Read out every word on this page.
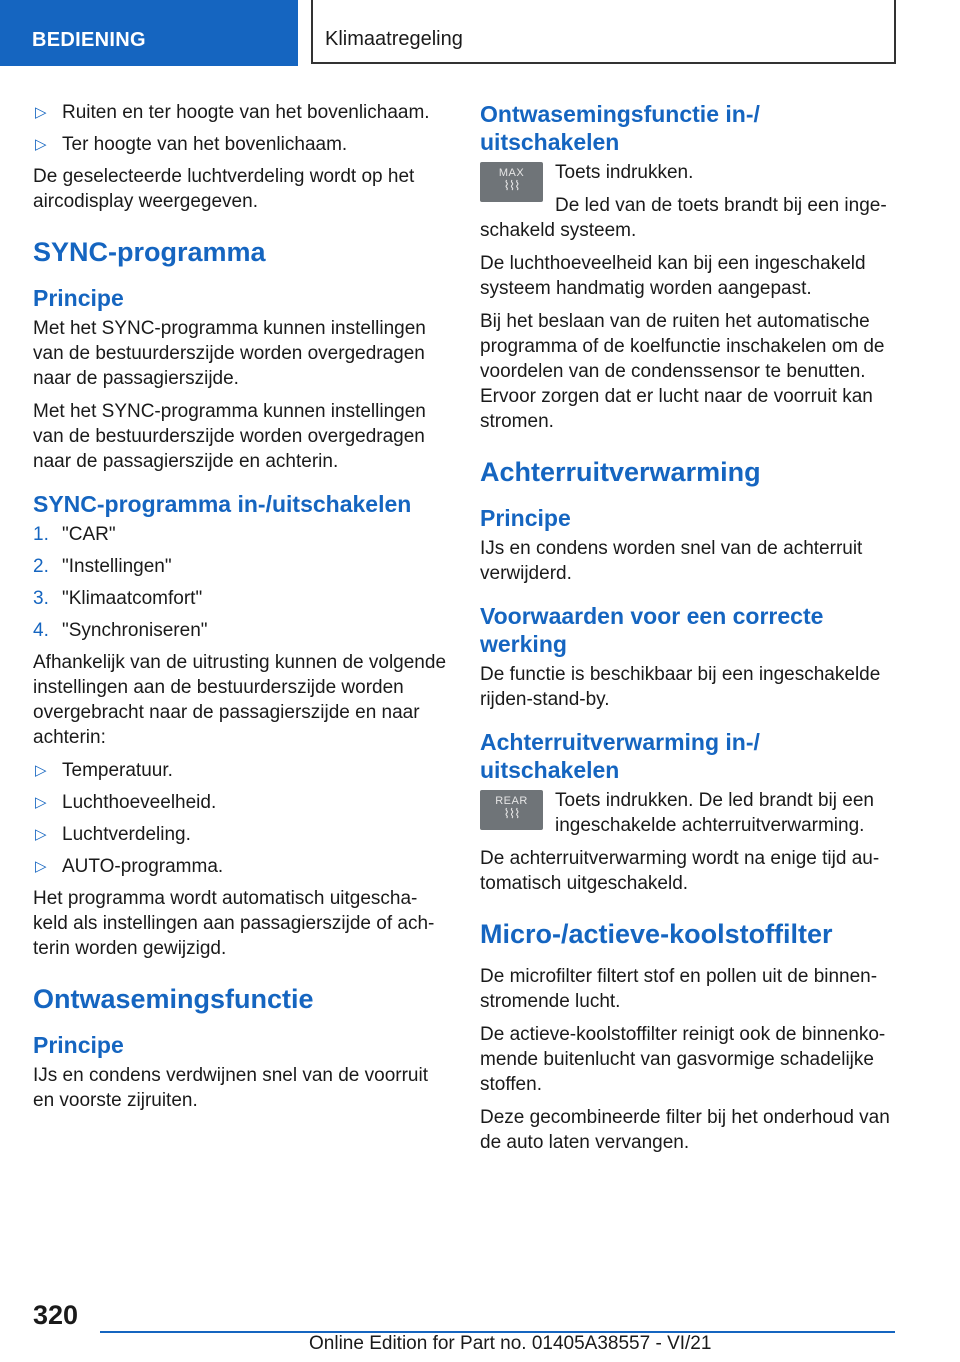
BEDIENING	Klimaatregeling
▷ Ruiten en ter hoogte van het bovenlichaam.
▷ Ter hoogte van het bovenlichaam.

De geselecteerde luchtverdeling wordt op het aircodisplay weergegeven.

SYNC-programma
Principe

Met het SYNC-programma kunnen instellingen van de bestuurderszijde worden overgedragen naar de passagierszijde.

Met het SYNC-programma kunnen instellingen van de bestuurderszijde worden overgedragen naar de passagierszijde en achterin.

SYNC-programma in-/uitschakelen
1. "CAR"
2. "Instellingen"
3. "Klimaatcomfort"
4. "Synchroniseren"

Afhankelijk van de uitrusting kunnen de volgende instellingen aan de bestuurderszijde worden overgebracht naar de passagierszijde en naar achterin:

▷ Temperatuur.
▷ Luchthoeveelheid.
▷ Luchtverdeling.
▷ AUTO-programma.

Het programma wordt automatisch uitgescha-keld als instellingen aan passagierszijde of ach-terin worden gewijzigd.

Ontwasemingsfunctie
Principe

IJs en condens verdwijnen snel van de voorruit en voorste zijruiten.

Ontwasemingsfunctie in-/ uitschakelen
MAX
⌇⌇⌇

Toets indrukken.

De led van de toets brandt bij een inge-schakeld systeem.

De luchthoeveelheid kan bij een ingeschakeld systeem handmatig worden aangepast.

Bij het beslaan van de ruiten het automatische programma of de koelfunctie inschakelen om de voordelen van de condenssensor te benutten. Ervoor zorgen dat er lucht naar de voorruit kan stromen.

Achterruitverwarming
Principe

IJs en condens worden snel van de achterruit verwijderd.

Voorwaarden voor een correcte werking

De functie is beschikbaar bij een ingeschakelde rijden-stand-by.

Achterruitverwarming in-/ uitschakelen
REAR
⌇⌇⌇

Toets indrukken. De led brandt bij een ingeschakelde achterruitverwarming.

De achterruitverwarming wordt na enige tijd au-tomatisch uitgeschakeld.

Micro-/actieve-koolstoffilter

De microfilter filtert stof en pollen uit de binnen-stromende lucht.

De actieve-koolstoffilter reinigt ook de binnenko-mende buitenlucht van gasvormige schadelijke stoffen.

Deze gecombineerde filter bij het onderhoud van de auto laten vervangen.

320
Online Edition for Part no. 01405A38557 - VI/21
